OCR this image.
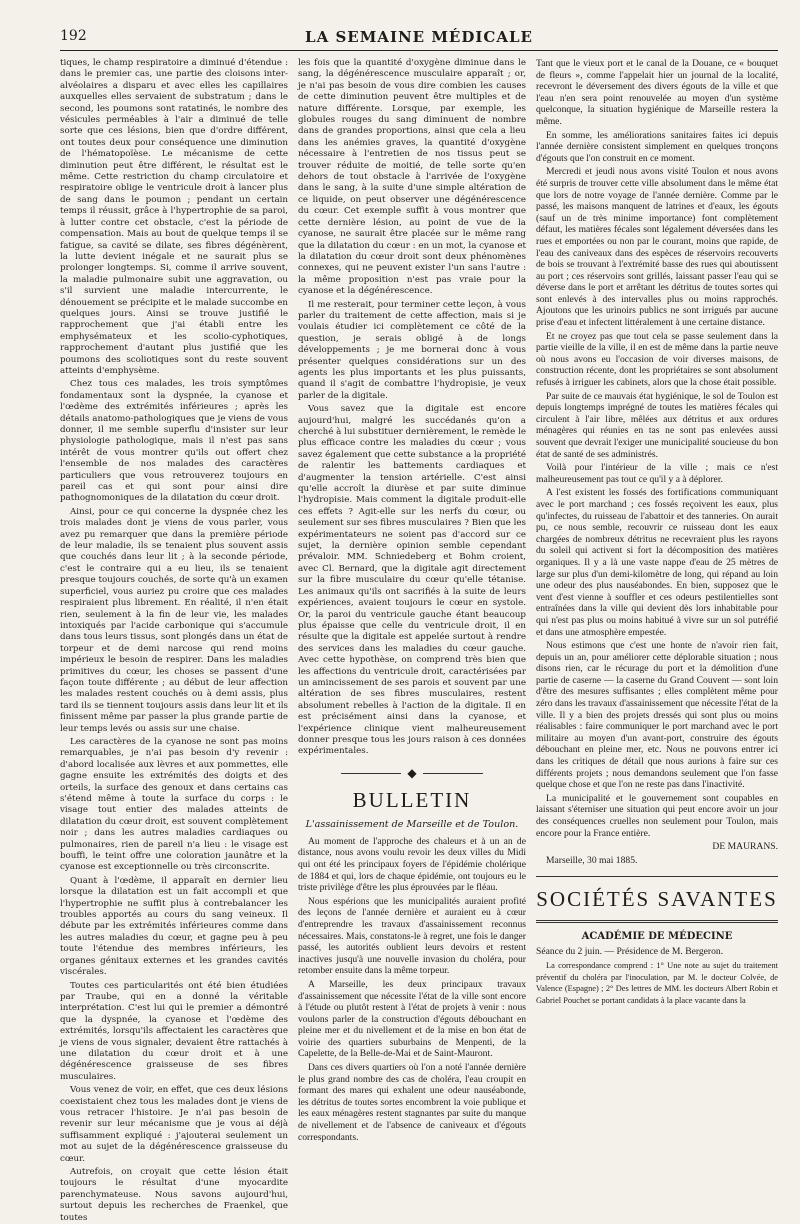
192	LA SEMAINE MÉDICALE

tiques, le champ respiratoire a diminué d'étendue : dans le premier cas, une partie des cloisons inter-alvéolaires a disparu et avec elles les capillaires auxquelles elles servaient de substratum ; dans le second, les poumons sont ratatinés, le nombre des vésicules perméables à l'air a diminué de telle sorte que ces lésions, bien que d'ordre différent, ont toutes deux pour conséquence une diminution de l'hématopoïèse. Le mécanisme de cette diminution peut être différent, le résultat est le même. Cette restriction du champ circulatoire et respiratoire oblige le ventricule droit à lancer plus de sang dans le poumon ; pendant un certain temps il réussit, grâce à l'hypertrophie de sa paroi, à lutter contre cet obstacle, c'est la période de compensation. Mais au bout de quelque temps il se fatigue, sa cavité se dilate, ses fibres dégénèrent, la lutte devient inégale et ne saurait plus se prolonger longtemps. Si, comme il arrive souvent, la maladie pulmonaire subit une aggravation, ou s'il survient une maladie intercurrente, le dénouement se précipite et le malade succombe en quelques jours. Ainsi se trouve justifié le rapprochement que j'ai établi entre les emphysémateux et les scolio-cyphotiques, rapprochement d'autant plus justifié que les poumons des scoliotiques sont du reste souvent atteints d'emphysème.

Chez tous ces malades, les trois symptômes fondamentaux sont la dyspnée, la cyanose et l'œdème des extrémités inférieures ; après les détails anatomo-pathologiques que je viens de vous donner, il me semble superflu d'insister sur leur physiologie pathologique, mais il n'est pas sans intérêt de vous montrer qu'ils out offert chez l'ensemble de nos malades des caractères particuliers que vous retrouverez toujours en pareil cas et qui sont pour ainsi dire pathognomoniques de la dilatation du cœur droit.

Ainsi, pour ce qui concerne la dyspnée chez les trois malades dont je viens de vous parler, vous avez pu remarquer que dans la première période de leur maladie, ils se tenaient plus souvent assis que couchés dans leur lit ; à la seconde période, c'est le contraire qui a eu lieu, ils se tenaient presque toujours couchés, de sorte qu'à un examen superficiel, vous auriez pu croire que ces malades respiraient plus librement. En réalité, il n'en était rien, seulement à la fin de leur vie, les malades intoxiqués par l'acide carbonique qui s'accumule dans tous leurs tissus, sont plongés dans un état de torpeur et de demi narcose qui rend moins impérieux le besoin de respirer. Dans les maladies primitives du cœur, les choses se passent d'une façon toute différente ; au début de leur affection les malades restent couchés ou à demi assis, plus tard ils se tiennent toujours assis dans leur lit et ils finissent même par passer la plus grande partie de leur temps levés ou assis sur une chaise.

Les caractères de la cyanose ne sont pas moins remarquables, je n'ai pas besoin d'y revenir : d'abord localisée aux lèvres et aux pommettes, elle gagne ensuite les extrémités des doigts et des orteils, la surface des genoux et dans certains cas s'étend même à toute la surface du corps : le visage tout entier des malades atteints de dilatation du cœur droit, est souvent complètement noir ; dans les autres maladies cardiaques ou pulmonaires, rien de pareil n'a lieu : le visage est bouffi, le teint offre une coloration jaunâtre et la cyanose est exceptionnelle ou très circonscrite.

Quant à l'œdème, il apparaît en dernier lieu lorsque la dilatation est un fait accompli et que l'hypertrophie ne suffit plus à contrebalancer les troubles apportés au cours du sang veineux. Il débute par les extrémités inférieures comme dans les autres maladies du cœur, et gagne peu à peu toute l'étendue des membres inférieurs, les organes génitaux externes et les grandes cavités viscérales.

Toutes ces particularités ont été bien étudiées par Traube, qui en a donné la véritable interprétation. C'est lui qui le premier a démontré que la dyspnée, la cyanose et l'œdème des extrémités, lorsqu'ils affectaient les caractères que je viens de vous signaler, devaient être rattachés à une dilatation du cœur droit et à une dégénérescence graisseuse de ses fibres musculaires.

Vous venez de voir, en effet, que ces deux lésions coexistaient chez tous les malades dont je viens de vous retracer l'histoire. Je n'ai pas besoin de revenir sur leur mécanisme que je vous ai déjà suffisamment expliqué : j'ajouterai seulement un mot au sujet de la dégénérescence graisseuse du cœur.

Autrefois, on croyait que cette lésion était toujours le résultat d'une myocardite parenchymateuse. Nous savons aujourd'hui, surtout depuis les recherches de Fraenkel, que toutes

les fois que la quantité d'oxygène diminue dans le sang, la dégénérescence musculaire apparaît ; or, je n'ai pas besoin de vous dire combien les causes de cette diminution peuvent être multiples et de nature différente. Lorsque, par exemple, les globules rouges du sang diminuent de nombre dans de grandes proportions, ainsi que cela a lieu dans les anémies graves, la quantité d'oxygène nécessaire à l'entretien de nos tissus peut se trouver réduite de moitié, de telle sorte qu'en dehors de tout obstacle à l'arrivée de l'oxygène dans le sang, à la suite d'une simple altération de ce liquide, on peut observer une dégénérescence du cœur. Cet exemple suffit à vous montrer que cette dernière lésion, au point de vue de la cyanose, ne saurait être placée sur le même rang que la dilatation du cœur : en un mot, la cyanose et la dilatation du cœur droit sont deux phénomènes connexes, qui ne peuvent exister l'un sans l'autre : la même proposition n'est pas vraie pour la cyanose et la dégénérescence.

Il me resterait, pour terminer cette leçon, à vous parler du traitement de cette affection, mais si je voulais étudier ici complètement ce côté de la question, je serais obligé à de longs développements ; je me bornerai donc à vous présenter quelques considérations sur un des agents les plus importants et les plus puissants, quand il s'agit de combattre l'hydropisie, je veux parler de la digitale.

Vous savez que la digitale est encore aujourd'hui, malgré les succédanés qu'on a cherché à lui substituer dernièrement, le remède le plus efficace contre les maladies du cœur ; vous savez également que cette substance a la propriété de ralentir les battements cardiaques et d'augmenter la tension artérielle. C'est ainsi qu'elle accroît la diurèse et par suite diminue l'hydropisie. Mais comment la digitale produit-elle ces effets ? Agit-elle sur les nerfs du cœur, ou seulement sur ses fibres musculaires ? Bien que les expérimentateurs ne soient pas d'accord sur ce sujet, la dernière opinion semble cependant prévaloir. MM. Schniedeberg et Bohm croient, avec Cl. Bernard, que la digitale agit directement sur la fibre musculaire du cœur qu'elle tétanise. Les animaux qu'ils ont sacrifiés à la suite de leurs expériences, avaient toujours le cœur en systole. Or, la paroi du ventricule gauche étant beaucoup plus épaisse que celle du ventricule droit, il en résulte que la digitale est appelée surtout à rendre des services dans les maladies du cœur gauche. Avec cette hypothèse, on comprend très bien que les affections du ventricule droit, caractérisées par un amincissement de ses parois et souvent par une altération de ses fibres musculaires, restent absolument rebelles à l'action de la digitale. Il en est précisément ainsi dans la cyanose, et l'expérience clinique vient malheureusement donner presque tous les jours raison à ces données expérimentales.

◆
BULLETIN
L'assainissement de Marseille et de Toulon.

Au moment de l'approche des chaleurs et à un an de distance, nous avons voulu revoir les deux villes du Midi qui ont été les principaux foyers de l'épidémie cholérique de 1884 et qui, lors de chaque épidémie, ont toujours eu le triste privilège d'être les plus éprouvées par le fléau.

Nous espérions que les municipalités auraient profité des leçons de l'année dernière et auraient eu à cœur d'entreprendre les travaux d'assainissement reconnus nécessaires. Mais, constatons-le à regret, une fois le danger passé, les autorités oublient leurs devoirs et restent inactives jusqu'à une nouvelle invasion du choléra, pour retomber ensuite dans la même torpeur.

A Marseille, les deux principaux travaux d'assainissement que nécessite l'état de la ville sont encore à l'étude ou plutôt restent à l'état de projets à venir : nous voulons parler de la construction d'égouts débouchant en pleine mer et du nivellement et de la mise en bon état de voirie des quartiers suburbains de Menpenti, de la Capelette, de la Belle-de-Mai et de Saint-Mauront.

Dans ces divers quartiers où l'on a noté l'année dernière le plus grand nombre des cas de choléra, l'eau croupit en formant des mares qui exhalent une odeur nauséabonde, les détritus de toutes sortes encombrent la voie publique et les eaux ménagères restent stagnantes par suite du manque de nivellement et de l'absence de caniveaux et d'égouts correspondants.

Tant que le vieux port et le canal de la Douane, ce « bouquet de fleurs », comme l'appelait hier un journal de la localité, recevront le déversement des divers égouts de la ville et que l'eau n'en sera point renouvelée au moyen d'un système quelconque, la situation hygiénique de Marseille restera la même.

En somme, les améliorations sanitaires faites ici depuis l'année dernière consistent simplement en quelques tronçons d'égouts que l'on construit en ce moment.

Mercredi et jeudi nous avons visité Toulon et nous avons été surpris de trouver cette ville absolument dans le même état que lors de notre voyage de l'année dernière. Comme par le passé, les maisons manquent de latrines et d'eaux, les égouts (sauf un de très minime importance) font complètement défaut, les matières fécales sont légalement déversées dans les rues et emportées ou non par le courant, moins que rapide, de l'eau des caniveaux dans des espèces de réservoirs recouverts de bois se trouvant à l'extrémité basse des rues qui aboutissent au port ; ces réservoirs sont grillés, laissant passer l'eau qui se déverse dans le port et arrêtant les détritus de toutes sortes qui sont enlevés à des intervalles plus ou moins rapprochés. Ajoutons que les urinoirs publics ne sont irrigués par aucune prise d'eau et infectent littéralement à une certaine distance.

Et ne croyez pas que tout cela se passe seulement dans la partie vieille de la ville, il en est de même dans la partie neuve où nous avons eu l'occasion de voir diverses maisons, de construction récente, dont les propriétaires se sont absolument refusés à irriguer les cabinets, alors que la chose était possible.

Par suite de ce mauvais état hygiénique, le sol de Toulon est depuis longtemps imprégné de toutes les matières fécales qui circulent à l'air libre, mêlées aux détritus et aux ordures ménagères qui réunies en tas ne sont pas enlevées aussi souvent que devrait l'exiger une municipalité soucieuse du bon état de santé de ses administrés.

Voilà pour l'intérieur de la ville ; mais ce n'est malheureusement pas tout ce qu'il y a à déplorer.

A l'est existent les fossés des fortifications communiquant avec le port marchand ; ces fossés reçoivent les eaux, plus qu'infectes, du ruisseau de l'abattoir et des tanneries. On aurait pu, ce nous semble, recouvrir ce ruisseau dont les eaux chargées de nombreux détritus ne recevraient plus les rayons du soleil qui activent si fort la décomposition des matières organiques. Il y a là une vaste nappe d'eau de 25 mètres de large sur plus d'un demi-kilomètre de long, qui répand au loin une odeur des plus nauséabondes. En bien, supposez que le vent d'est vienne à souffler et ces odeurs pestilentielles sont entraînées dans la ville qui devient dès lors inhabitable pour qui n'est pas plus ou moins habitué à vivre sur un sol putréfié et dans une atmosphère empestée.

Nous estimons que c'est une honte de n'avoir rien fait, depuis un an, pour améliorer cette déplorable situation ; nous disons rien, car le récurage du port et la démolition d'une partie de caserne — la caserne du Grand Couvent — sont loin d'être des mesures suffisantes ; elles complètent même pour zéro dans les travaux d'assainissement que nécessite l'état de la ville. Il y a bien des projets dressés qui sont plus ou moins réalisables : faire communiquer le port marchand avec le port militaire au moyen d'un avant-port, construire des égouts débouchant en pleine mer, etc. Nous ne pouvons entrer ici dans les critiques de détail que nous aurions à faire sur ces différents projets ; nous demandons seulement que l'on fasse quelque chose et que l'on ne reste pas dans l'inactivité.

La municipalité et le gouvernement sont coupables en laissant s'éterniser une situation qui peut encore avoir un jour des conséquences cruelles non seulement pour Toulon, mais encore pour la France entière.

DE MAURANS.

Marseille, 30 mai 1885.

SOCIÉTÉS SAVANTES
ACADÉMIE DE MÉDECINE

Séance du 2 juin. — Présidence de M. Bergeron.

La correspondance comprend : 1° Une note au sujet du traitement préventif du choléra par l'inoculation, par M. le docteur Colvée, de Valence (Espagne) ; 2° Des lettres de MM. les docteurs Albert Robin et Gabriel Pouchet se portant candidats à la place vacante dans la
